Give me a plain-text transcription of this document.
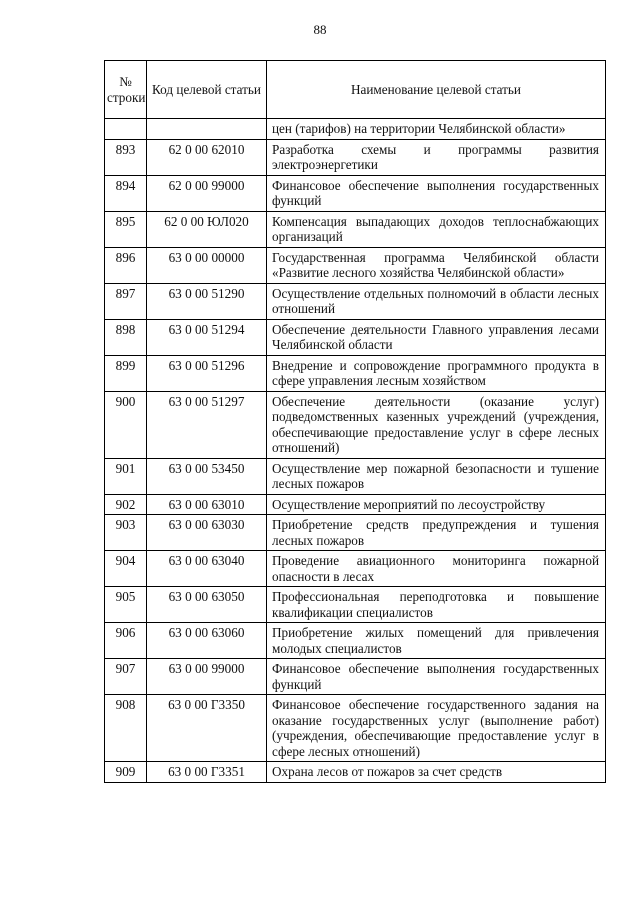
88
№ строки	Код целевой статьи	Наименование целевой статьи
		цен (тарифов) на территории Челябинской области»
893	62 0 00 62010	Разработка схемы и программы развития электроэнергетики
894	62 0 00 99000	Финансовое обеспечение выполнения государственных функций
895	62 0 00 ЮЛ020	Компенсация выпадающих доходов теплоснабжающих организаций
896	63 0 00 00000	Государственная программа Челябинской области «Развитие лесного хозяйства Челябинской области»
897	63 0 00 51290	Осуществление отдельных полномочий в области лесных отношений
898	63 0 00 51294	Обеспечение деятельности Главного управления лесами Челябинской области
899	63 0 00 51296	Внедрение и сопровождение программного продукта в сфере управления лесным хозяйством
900	63 0 00 51297	Обеспечение деятельности (оказание услуг) подведомственных казенных учреждений (учреждения, обеспечивающие предоставление услуг в сфере лесных отношений)
901	63 0 00 53450	Осуществление мер пожарной безопасности и тушение лесных пожаров
902	63 0 00 63010	Осуществление мероприятий по лесоустройству
903	63 0 00 63030	Приобретение средств предупреждения и тушения лесных пожаров
904	63 0 00 63040	Проведение авиационного мониторинга пожарной опасности в лесах
905	63 0 00 63050	Профессиональная переподготовка и повышение квалификации специалистов
906	63 0 00 63060	Приобретение жилых помещений для привлечения молодых специалистов
907	63 0 00 99000	Финансовое обеспечение выполнения государственных функций
908	63 0 00 Г3350	Финансовое обеспечение государственного задания на оказание государственных услуг (выполнение работ) (учреждения, обеспечивающие предоставление услуг в сфере лесных отношений)
909	63 0 00 Г3351	Охрана лесов от пожаров за счет средств
